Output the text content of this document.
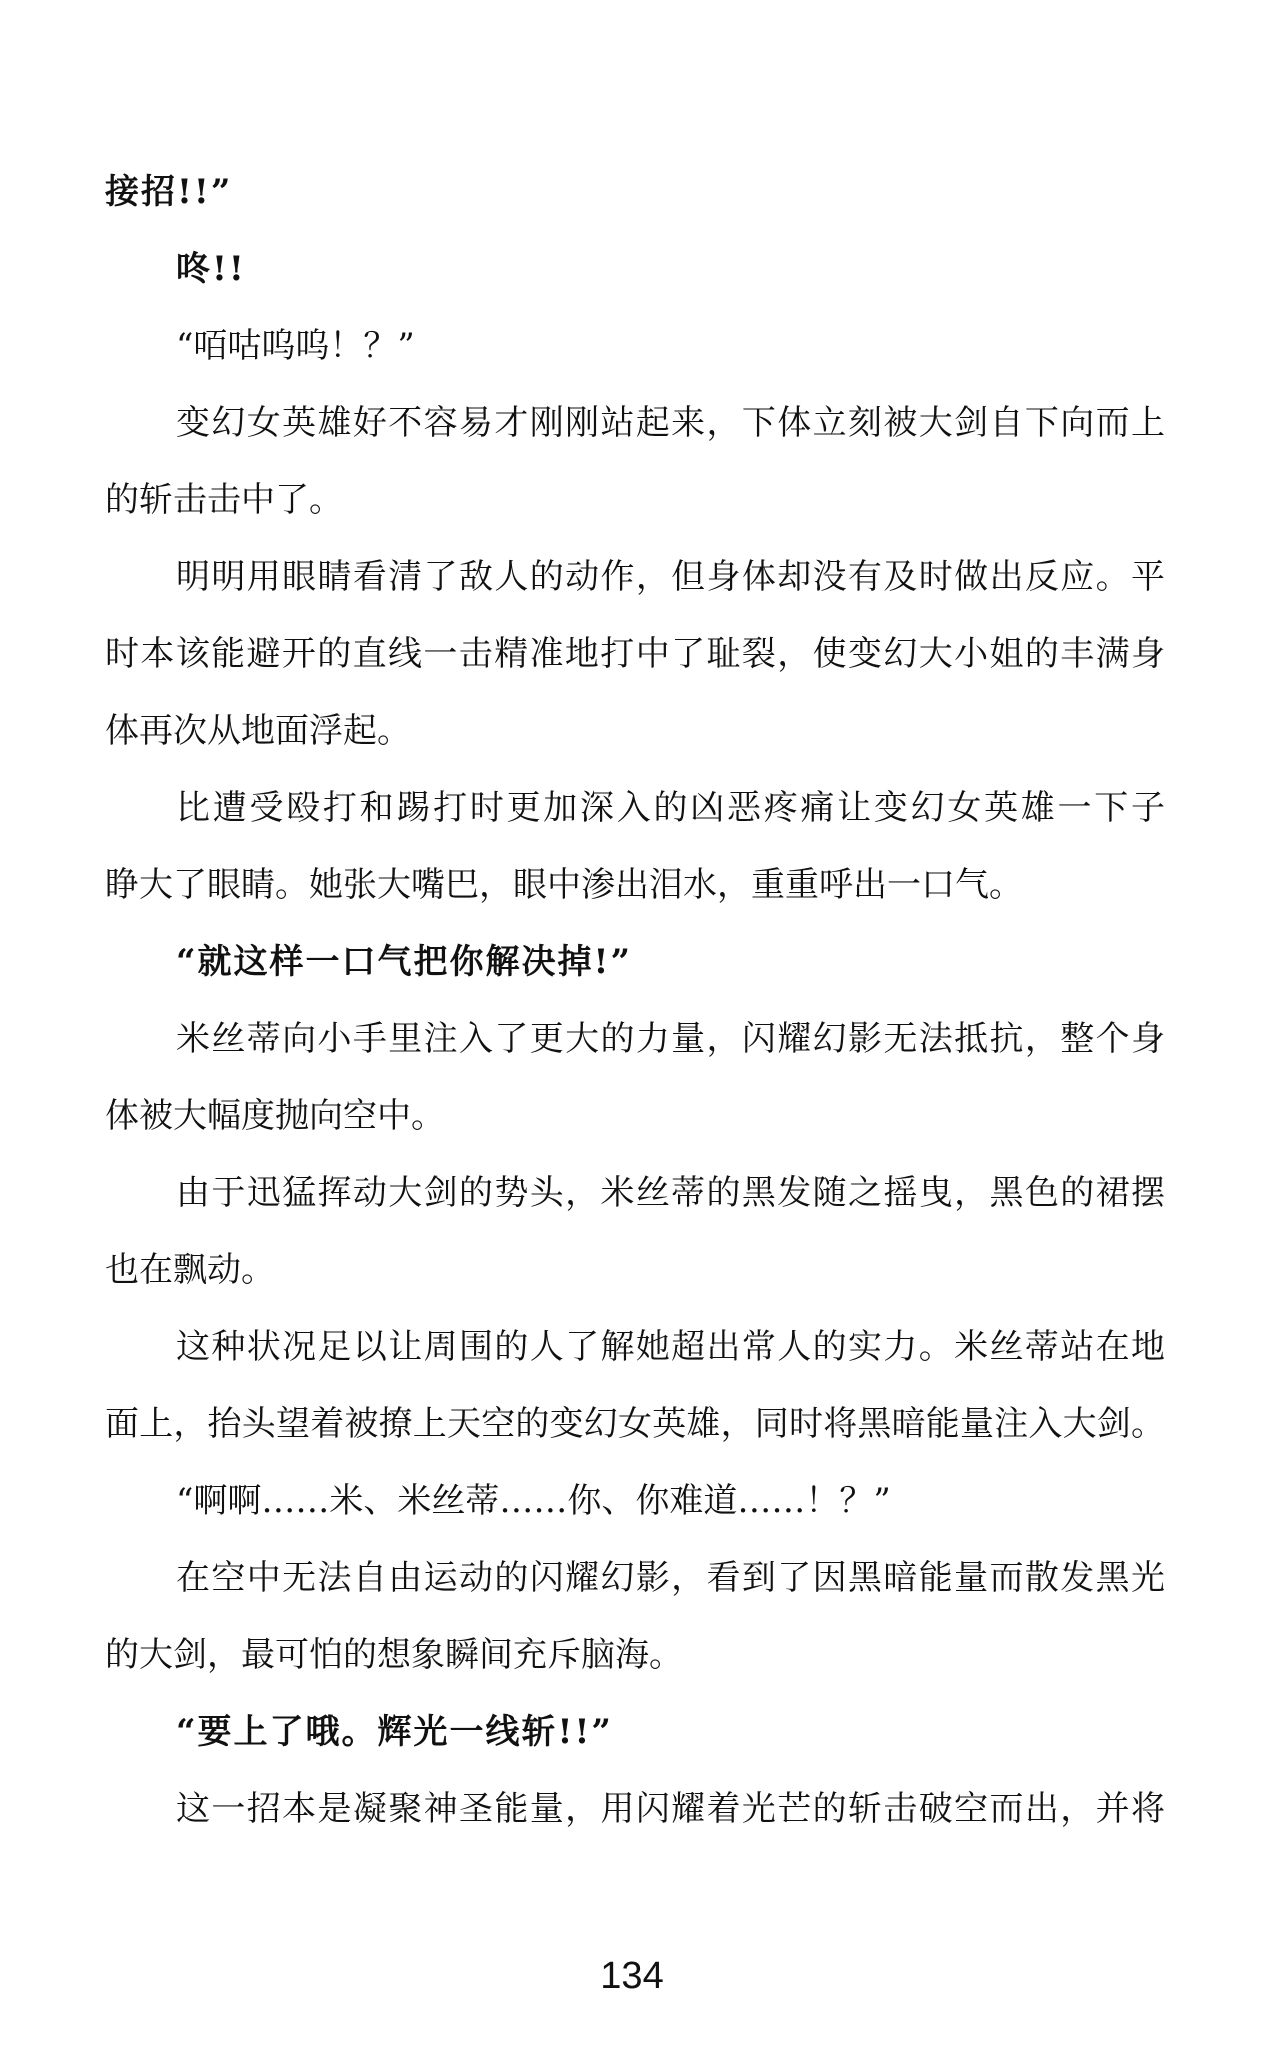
接招!!”
咚!!
“咟咕呜呜！？”
变幻女英雄好不容易才刚刚站起来，下体立刻被大剑自下向而上
的斩击击中了。
明明用眼睛看清了敌人的动作，但身体却没有及时做出反应。平
时本该能避开的直线一击精准地打中了耻裂，使变幻大小姐的丰满身
体再次从地面浮起。
比遭受殴打和踢打时更加深入的凶恶疼痛让变幻女英雄一下子
睁大了眼睛。她张大嘴巴，眼中渗出泪水，重重呼出一口气。
“就这样一口气把你解决掉!”
米丝蒂向小手里注入了更大的力量，闪耀幻影无法抵抗，整个身
体被大幅度抛向空中。
由于迅猛挥动大剑的势头，米丝蒂的黑发随之摇曳，黑色的裙摆
也在飘动。
这种状况足以让周围的人了解她超出常人的实力。米丝蒂站在地
面上，抬头望着被撩上天空的变幻女英雄，同时将黑暗能量注入大剑。
“啊啊……米、米丝蒂……你、你难道……！？”
在空中无法自由运动的闪耀幻影，看到了因黑暗能量而散发黑光
的大剑，最可怕的想象瞬间充斥脑海。
“要上了哦。辉光一线斩!!”
这一招本是凝聚神圣能量，用闪耀着光芒的斩击破空而出，并将
134
